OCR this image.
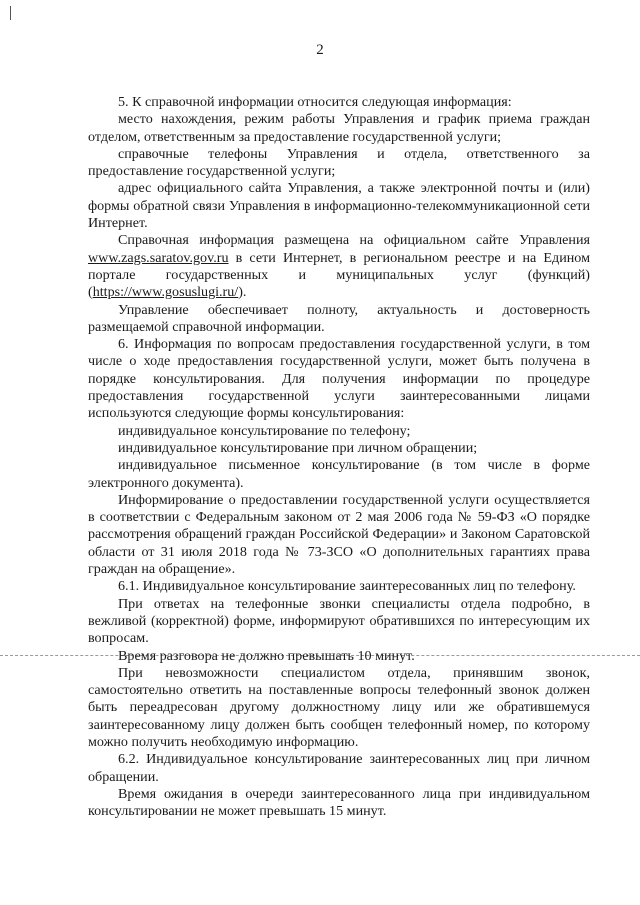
2

5. К справочной информации относится следующая информация:

место нахождения, режим работы Управления и график приема граждан отделом, ответственным за предоставление государственной услуги;

справочные телефоны Управления и отдела, ответственного за предоставление государственной услуги;

адрес официального сайта Управления, а также электронной почты и (или) формы обратной связи Управления в информационно-телекоммуникационной сети Интернет.

Справочная информация размещена на официальном сайте Управления www.zags.saratov.gov.ru в сети Интернет, в региональном реестре и на Едином портале государственных и муниципальных услуг (функций) (https://www.gosuslugi.ru/).

Управление обеспечивает полноту, актуальность и достоверность размещаемой справочной информации.

6. Информация по вопросам предоставления государственной услуги, в том числе о ходе предоставления государственной услуги, может быть получена в порядке консультирования. Для получения информации по процедуре предоставления государственной услуги заинтересованными лицами используются следующие формы консультирования:

индивидуальное консультирование по телефону;

индивидуальное консультирование при личном обращении;

индивидуальное письменное консультирование (в том числе в форме электронного документа).

Информирование о предоставлении государственной услуги осуществляется в соответствии с Федеральным законом от 2 мая 2006 года № 59-ФЗ «О порядке рассмотрения обращений граждан Российской Федерации» и Законом Саратовской области от 31 июля 2018 года № 73-ЗСО «О дополнительных гарантиях права граждан на обращение».

6.1. Индивидуальное консультирование заинтересованных лиц по телефону.

При ответах на телефонные звонки специалисты отдела подробно, в вежливой (корректной) форме, информируют обратившихся по интересующим их вопросам.

Время разговора не должно превышать 10 минут.

При невозможности специалистом отдела, принявшим звонок, самостоятельно ответить на поставленные вопросы телефонный звонок должен быть переадресован другому должностному лицу или же обратившемуся заинтересованному лицу должен быть сообщен телефонный номер, по которому можно получить необходимую информацию.

6.2. Индивидуальное консультирование заинтересованных лиц при личном обращении.

Время ожидания в очереди заинтересованного лица при индивидуальном консультировании не может превышать 15 минут.
